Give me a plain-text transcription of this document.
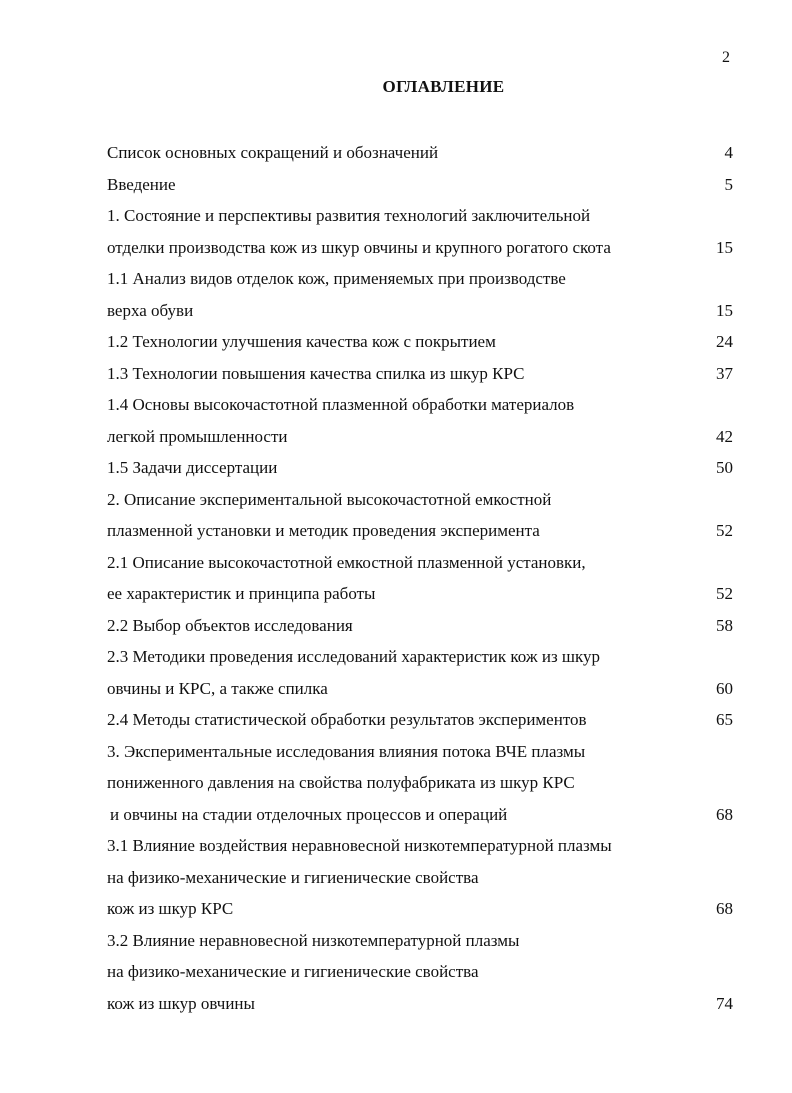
2
ОГЛАВЛЕНИЕ
Список основных сокращений и обозначений	4
Введение	5
1. Состояние и перспективы развития технологий заключительной
отделки производства кож из шкур овчины и крупного рогатого скота	15
1.1 Анализ видов отделок кож, применяемых при производстве
верха обуви	15
1.2 Технологии улучшения качества кож с покрытием	24
1.3 Технологии повышения качества спилка из шкур КРС	37
1.4 Основы высокочастотной плазменной обработки материалов
легкой промышленности	42
1.5 Задачи диссертации	50
2. Описание экспериментальной высокочастотной емкостной
плазменной установки и методик проведения эксперимента	52
2.1 Описание высокочастотной емкостной плазменной установки,
ее характеристик и принципа работы	52
2.2 Выбор объектов исследования	58
2.3 Методики проведения исследований характеристик кож из шкур
овчины и КРС, а также спилка	60
2.4 Методы статистической обработки результатов экспериментов	65
3. Экспериментальные исследования влияния потока ВЧЕ плазмы
пониженного давления на свойства полуфабриката из шкур КРС
и овчины на стадии отделочных процессов и операций	68
3.1 Влияние воздействия неравновесной низкотемпературной плазмы
на физико-механические и гигиенические свойства
кож из шкур КРС	68
3.2 Влияние неравновесной низкотемпературной плазмы
на физико-механические и гигиенические свойства
кож из шкур овчины	74
